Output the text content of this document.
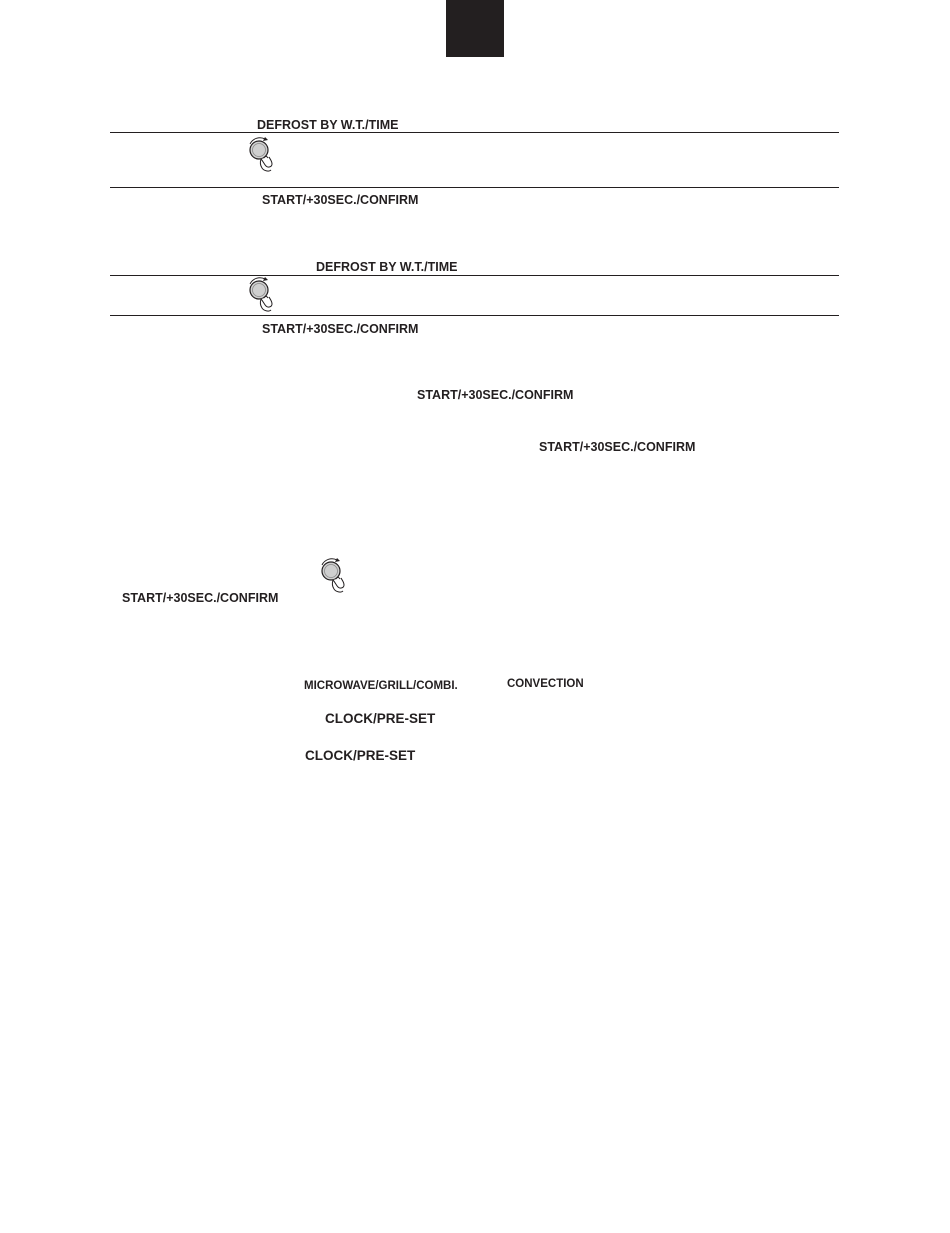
DEFROST BY W.T./TIME
START/+30SEC./CONFIRM
DEFROST BY W.T./TIME
START/+30SEC./CONFIRM
START/+30SEC./CONFIRM
START/+30SEC./CONFIRM
START/+30SEC./CONFIRM
MICROWAVE/GRILL/COMBI.	CONVECTION
CLOCK/PRE-SET
CLOCK/PRE-SET
